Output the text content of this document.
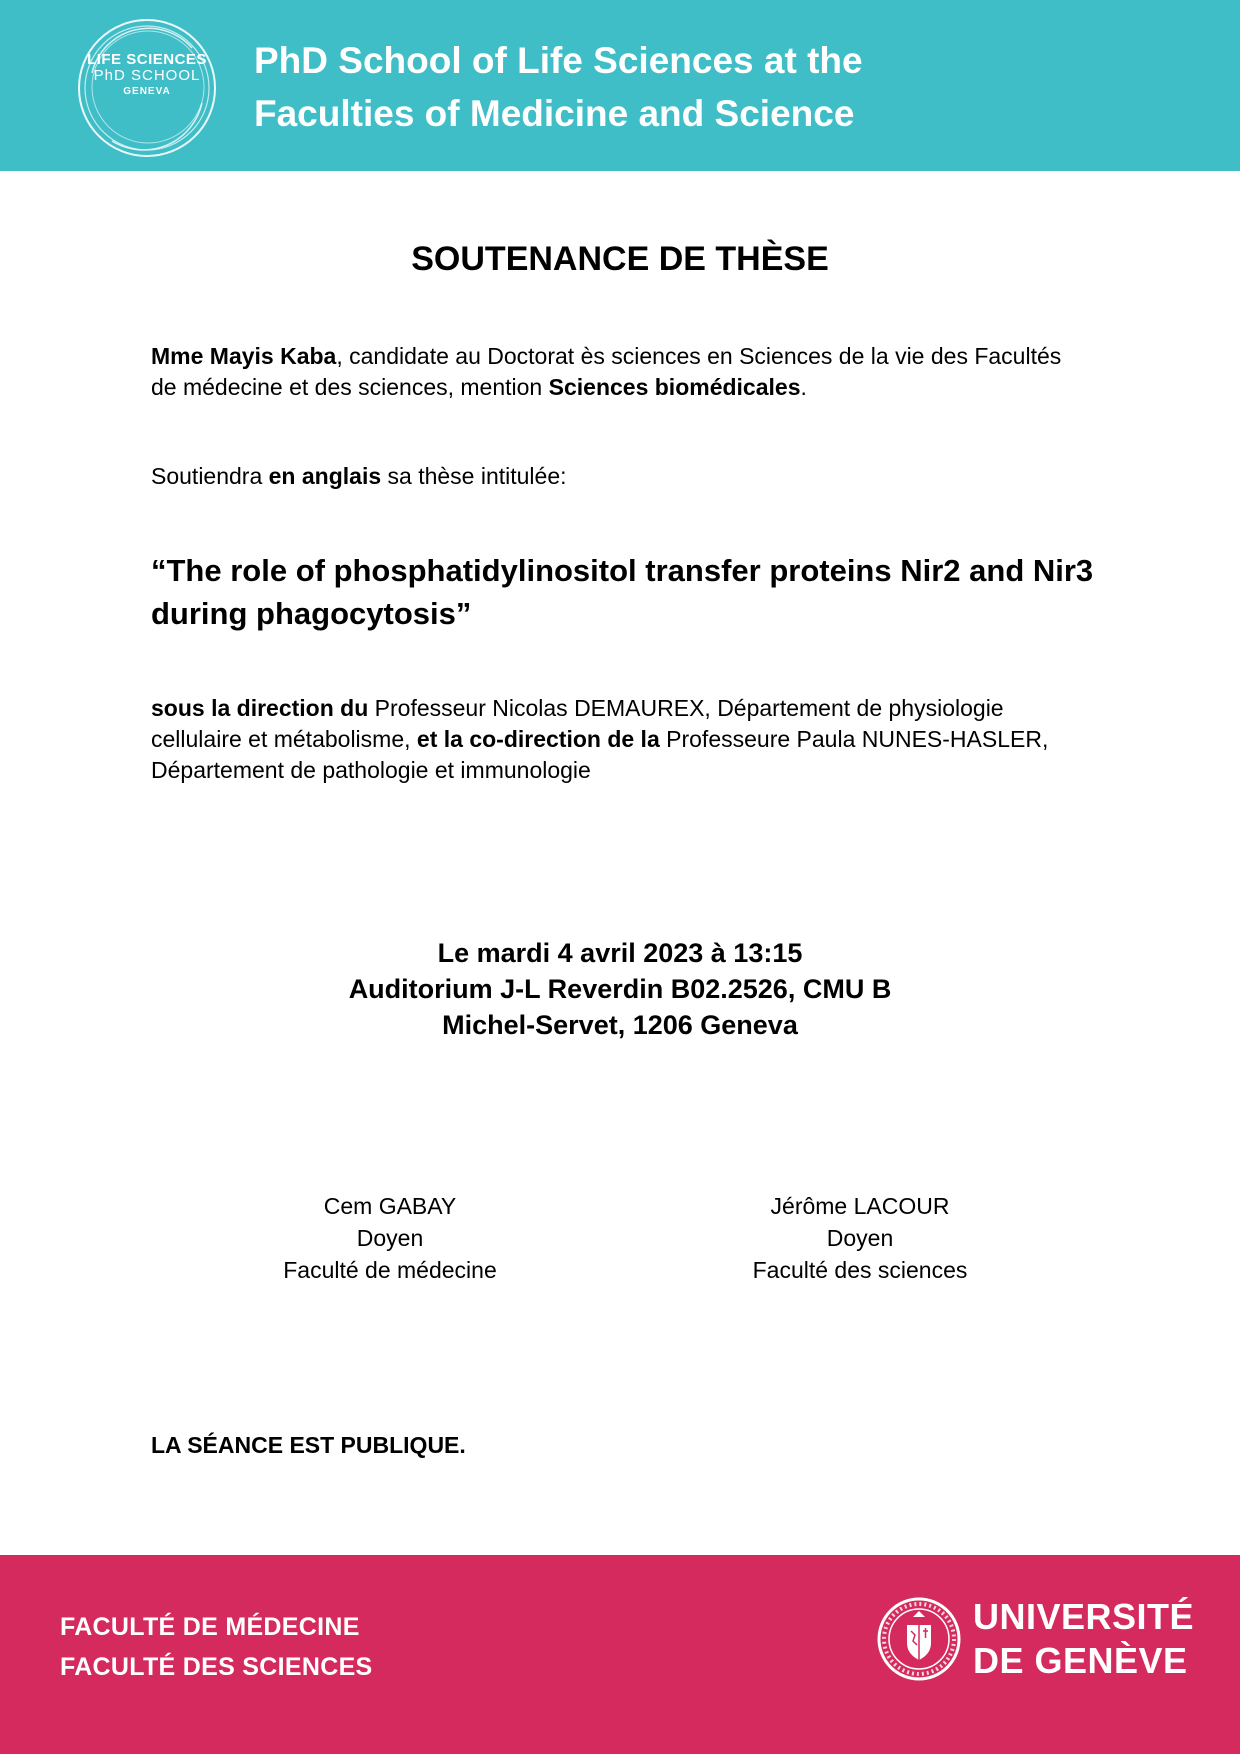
LIFE SCIENCES
PhD SCHOOL
GENEVA
PhD School of Life Sciences at the
Faculties of Medicine and Science
SOUTENANCE DE THÈSE
Mme Mayis Kaba, candidate au Doctorat ès sciences en Sciences de la vie des Facultés de médecine et des sciences, mention Sciences biomédicales.
Soutiendra en anglais sa thèse intitulée:
“The role of phosphatidylinositol transfer proteins Nir2 and Nir3 during phagocytosis”
sous la direction du Professeur Nicolas DEMAUREX, Département de physiologie cellulaire et métabolisme, et la co-direction de la Professeure Paula NUNES-HASLER, Département de pathologie et immunologie
Le mardi 4 avril 2023 à 13:15
Auditorium J-L Reverdin B02.2526, CMU B
Michel-Servet, 1206 Geneva
Cem GABAY
Doyen
Faculté de médecine
Jérôme LACOUR
Doyen
Faculté des sciences
LA SÉANCE EST PUBLIQUE.
FACULTÉ DE MÉDECINE
FACULTÉ DES SCIENCES
UNIVERSITÉ
DE GENÈVE
